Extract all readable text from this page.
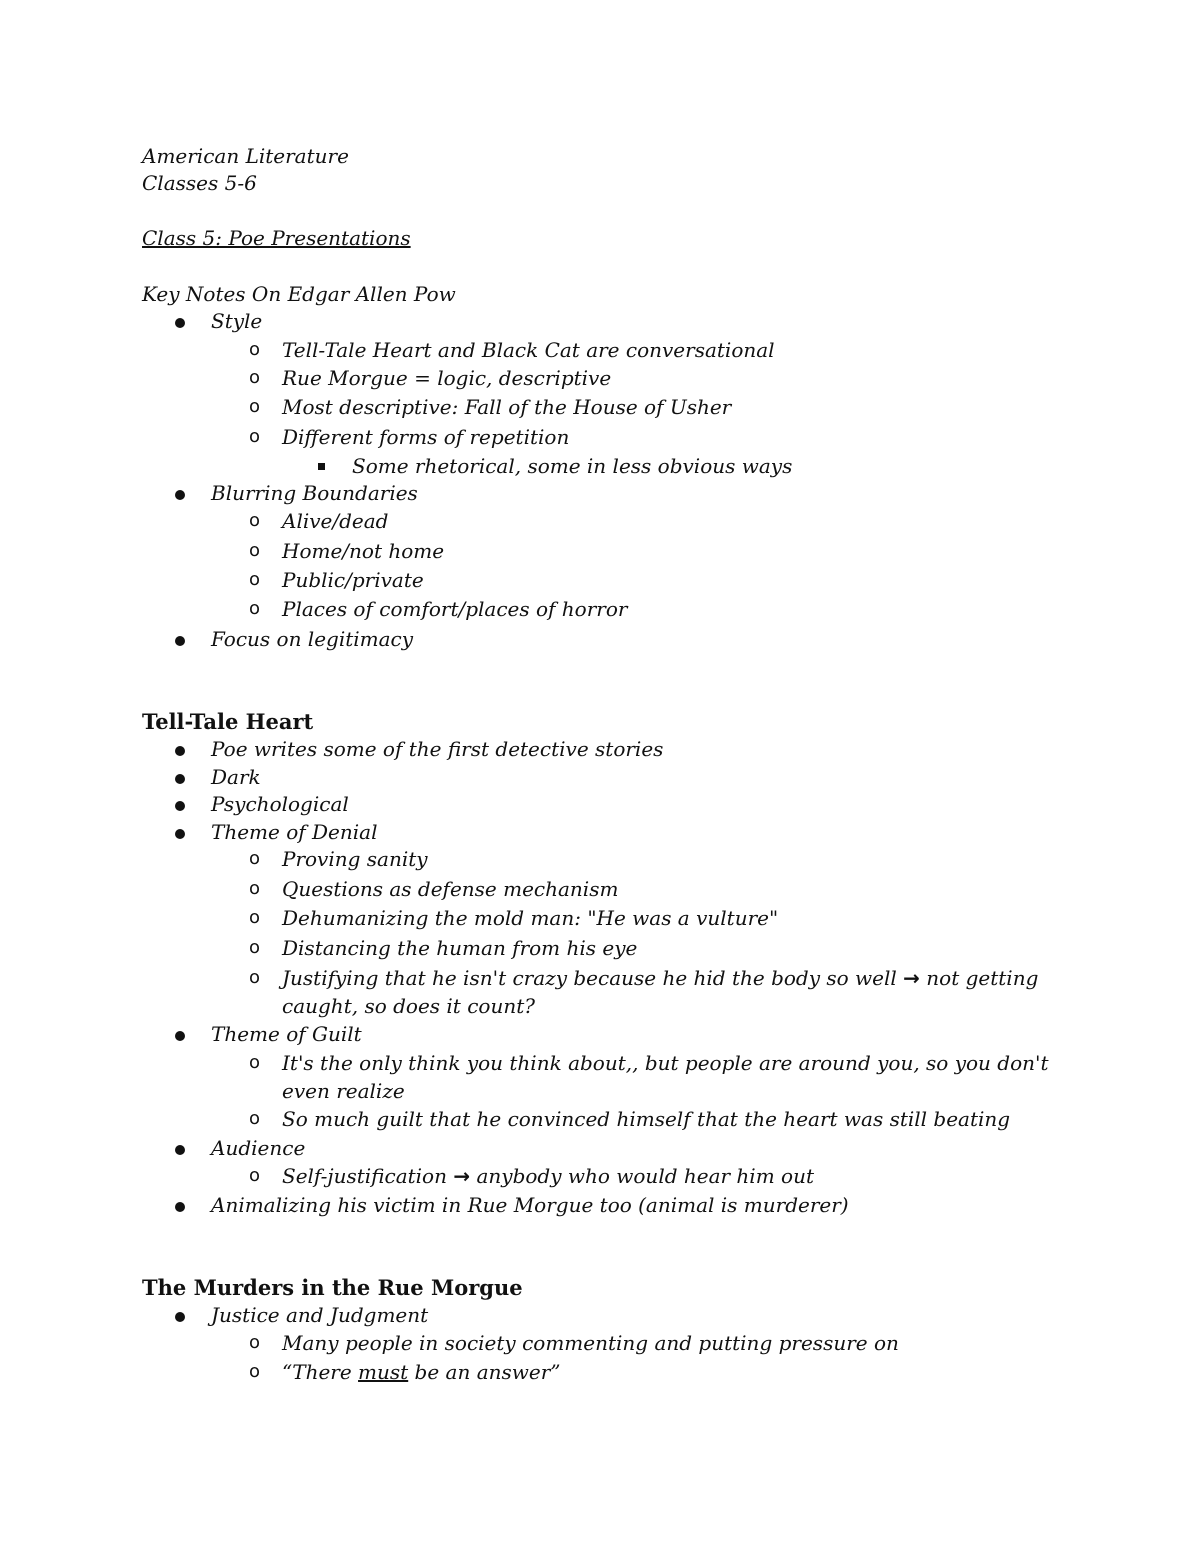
American Literature
Classes 5-6
Class 5: Poe Presentations
Key Notes On Edgar Allen Pow
Style
o Tell-Tale Heart and Black Cat are conversational
o Rue Morgue = logic, descriptive
o Most descriptive: Fall of the House of Usher
o Different forms of repetition
Some rhetorical, some in less obvious ways
Blurring Boundaries
o Alive/dead
o Home/not home
o Public/private
o Places of comfort/places of horror
Focus on legitimacy
Tell-Tale Heart
Poe writes some of the first detective stories
Dark
Psychological
Theme of Denial
o Proving sanity
o Questions as defense mechanism
o Dehumanizing the mold man: "He was a vulture"
o Distancing the human from his eye
o Justifying that he isn't crazy because he hid the body so well → not getting
caught, so does it count?
Theme of Guilt
o It's the only think you think about,, but people are around you, so you don't
even realize
o So much guilt that he convinced himself that the heart was still beating
Audience
o Self-justification → anybody who would hear him out
Animalizing his victim in Rue Morgue too (animal is murderer)
The Murders in the Rue Morgue
Justice and Judgment
o Many people in society commenting and putting pressure on
o “There must be an answer”
